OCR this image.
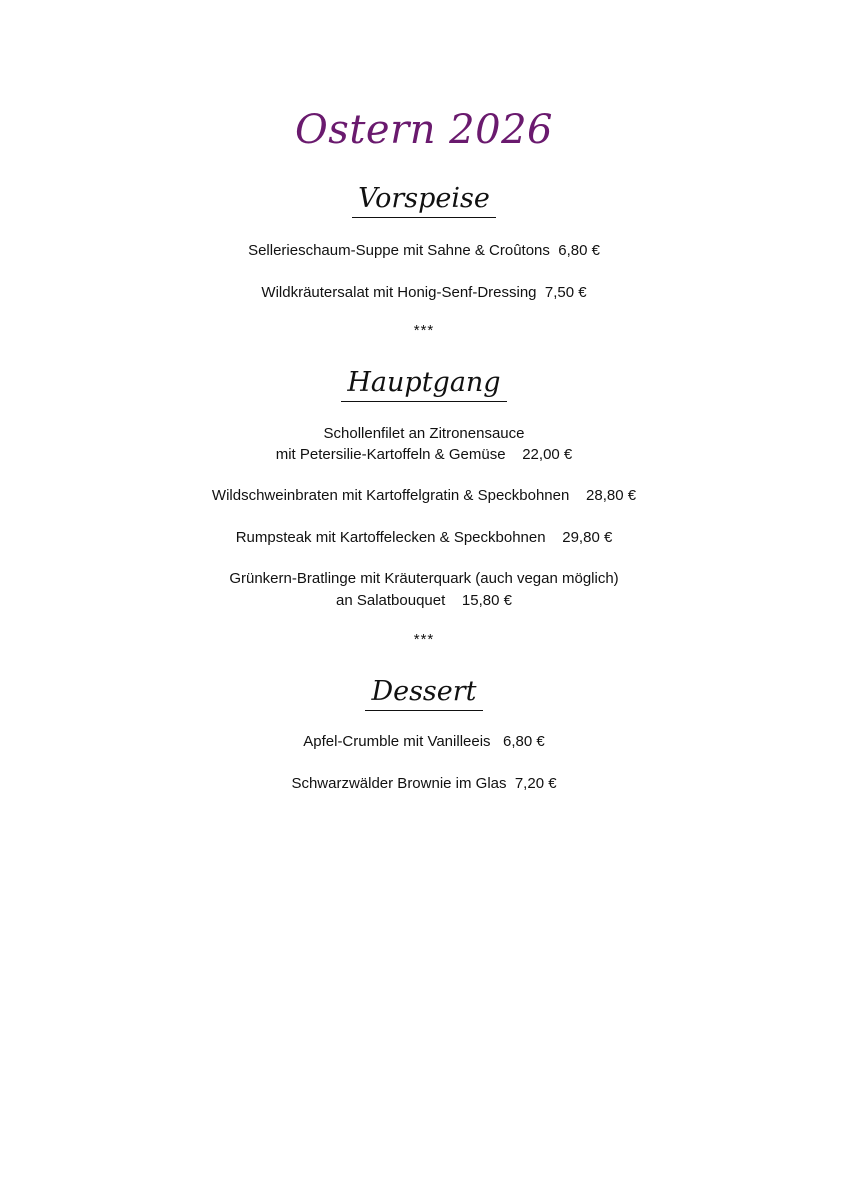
Ostern 2026
Vorspeise
Sellerieschaum-Suppe mit Sahne & Croûtons  6,80 €
Wildkräutersalat mit Honig-Senf-Dressing  7,50 €
***
Hauptgang
Schollenfilet an Zitronensauce
mit Petersilie-Kartoffeln & Gemüse    22,00 €
Wildschweinbraten mit Kartoffelgratin & Speckbohnen    28,80 €
Rumpsteak mit Kartoffelecken & Speckbohnen    29,80 €
Grünkern-Bratlinge mit Kräuterquark (auch vegan möglich)
an Salatbouquet    15,80 €
***
Dessert
Apfel-Crumble mit Vanilleeis   6,80 €
Schwarzwälder Brownie im Glas  7,20 €
